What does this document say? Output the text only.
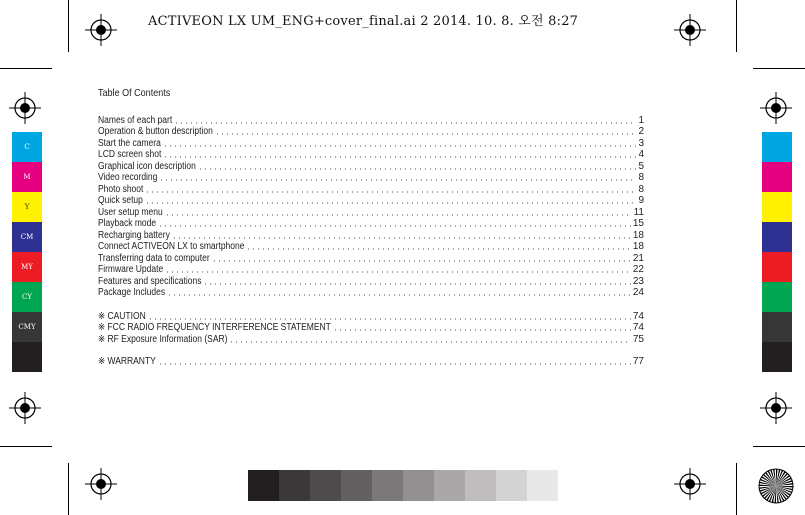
ACTIVEON LX UM_ENG+cover_final.ai 2 2014. 10. 8. 오전 8:27
C
M
Y
CM
MY
CY
CMY
Table Of Contents
Names of each part	1
Operation & button description	2
Start the camera	3
LCD screen shot	4
Graphical icon description	5
Video recording	8
Photo shoot	8
Quick setup	9
User setup menu	11
Playback mode	15
Recharging battery	18
Connect ACTIVEON LX to smartphone	18
Transferring data to computer	21
Firmware Update	22
Features and specifications	23
Package Includes	24
※ CAUTION	74
※ FCC RADIO FREQUENCY INTERFERENCE STATEMENT	74
※ RF Exposure Information (SAR)	75
※ WARRANTY	77
